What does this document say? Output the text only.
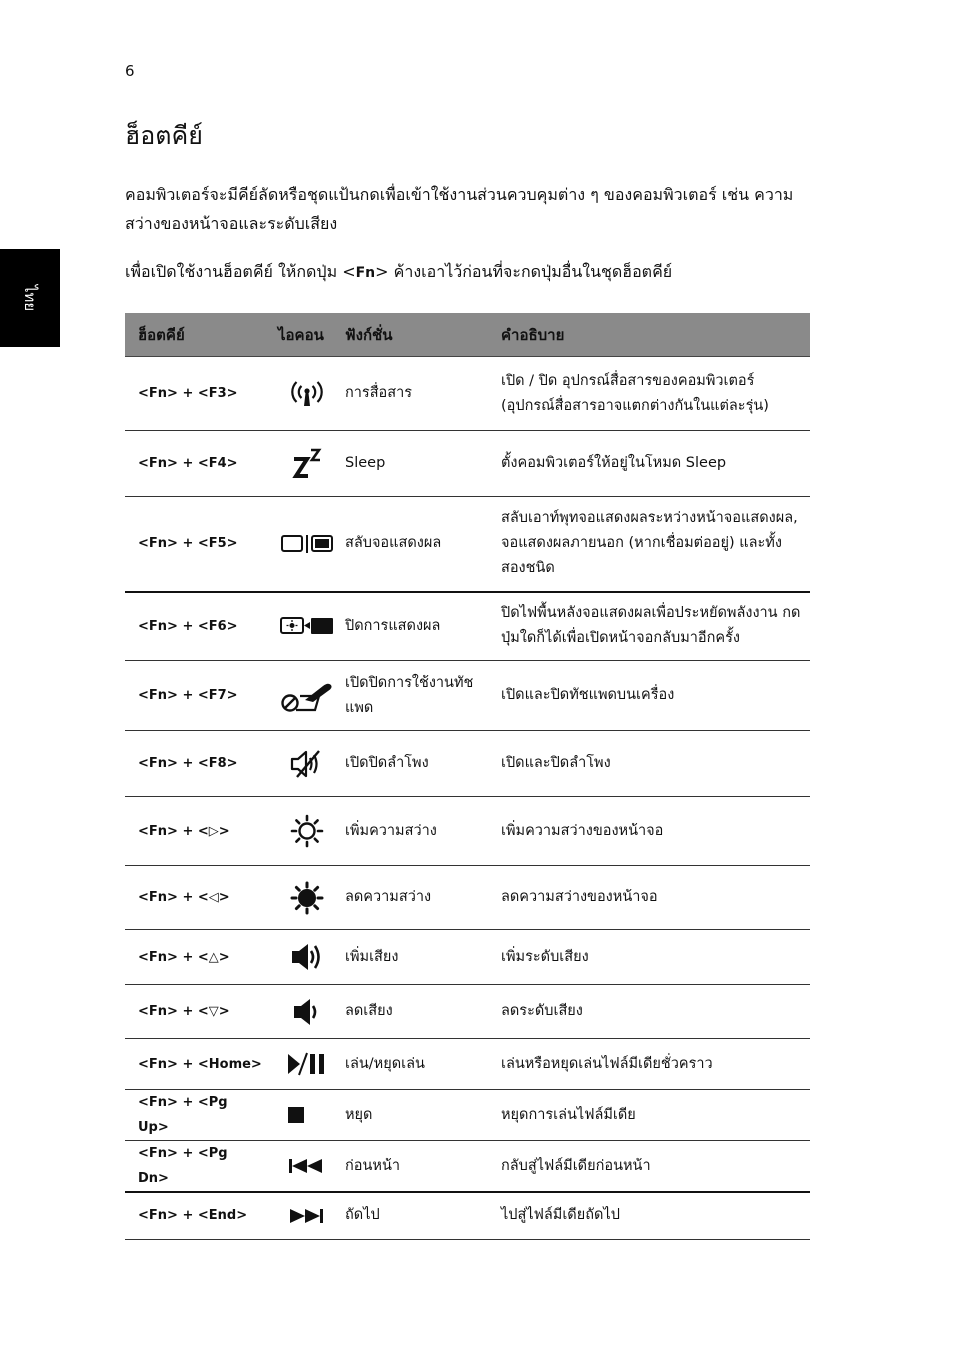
6
ไทย
ฮ็อตคีย์

คอมพิวเตอร์จะมีคีย์ลัดหรือชุดแป้นกดเพื่อเข้าใช้งานส่วนควบคุมต่าง ๆ ของคอมพิวเตอร์ เช่น ความสว่างของหน้าจอและระดับเสียง

เพื่อเปิดใช้งานฮ็อตคีย์ ให้กดปุ่ม <Fn> ค้างเอาไว้ก่อนที่จะกดปุ่มอื่นในชุดฮ็อตคีย์

ฮ็อตคีย์	ไอคอน	ฟังก์ชั่น	คำอธิบาย
<Fn> + <F3>		การสื่อสาร	เปิด / ปิด อุปกรณ์สื่อสารของคอมพิวเตอร์ (อุปกรณ์สื่อสารอาจแตกต่างกันในแต่ละรุ่น)
<Fn> + <F4>		Sleep	ตั้งคอมพิวเตอร์ให้อยู่ในโหมด Sleep
<Fn> + <F5>		สลับจอแสดงผล	สลับเอาท์พุทจอแสดงผลระหว่างหน้าจอแสดงผล, จอแสดงผลภายนอก (หากเชื่อมต่ออยู่) และทั้งสองชนิด
<Fn> + <F6>		ปิดการแสดงผล	ปิดไฟพื้นหลังจอแสดงผลเพื่อประหยัดพลังงาน กดปุ่มใดก็ได้เพื่อเปิดหน้าจอกลับมาอีกครั้ง
<Fn> + <F7>		เปิดปิดการใช้งานทัชแพด	เปิดและปิดทัชแพดบนเครื่อง
<Fn> + <F8>		เปิดปิดลำโพง	เปิดและปิดลำโพง
<Fn> + <▷>		เพิ่มความสว่าง	เพิ่มความสว่างของหน้าจอ
<Fn> + <◁>		ลดความสว่าง	ลดความสว่างของหน้าจอ
<Fn> + <△>		เพิ่มเสียง	เพิ่มระดับเสียง
<Fn> + <▽>		ลดเสียง	ลดระดับเสียง
<Fn> + <Home>		เล่น/หยุดเล่น	เล่นหรือหยุดเล่นไฟล์มีเดียชั่วคราว
<Fn> + <Pg Up>		หยุด	หยุดการเล่นไฟล์มีเดีย
<Fn> + <Pg Dn>		ก่อนหน้า	กลับสู่ไฟล์มีเดียก่อนหน้า
<Fn> + <End>		ถัดไป	ไปสู่ไฟล์มีเดียถัดไป
